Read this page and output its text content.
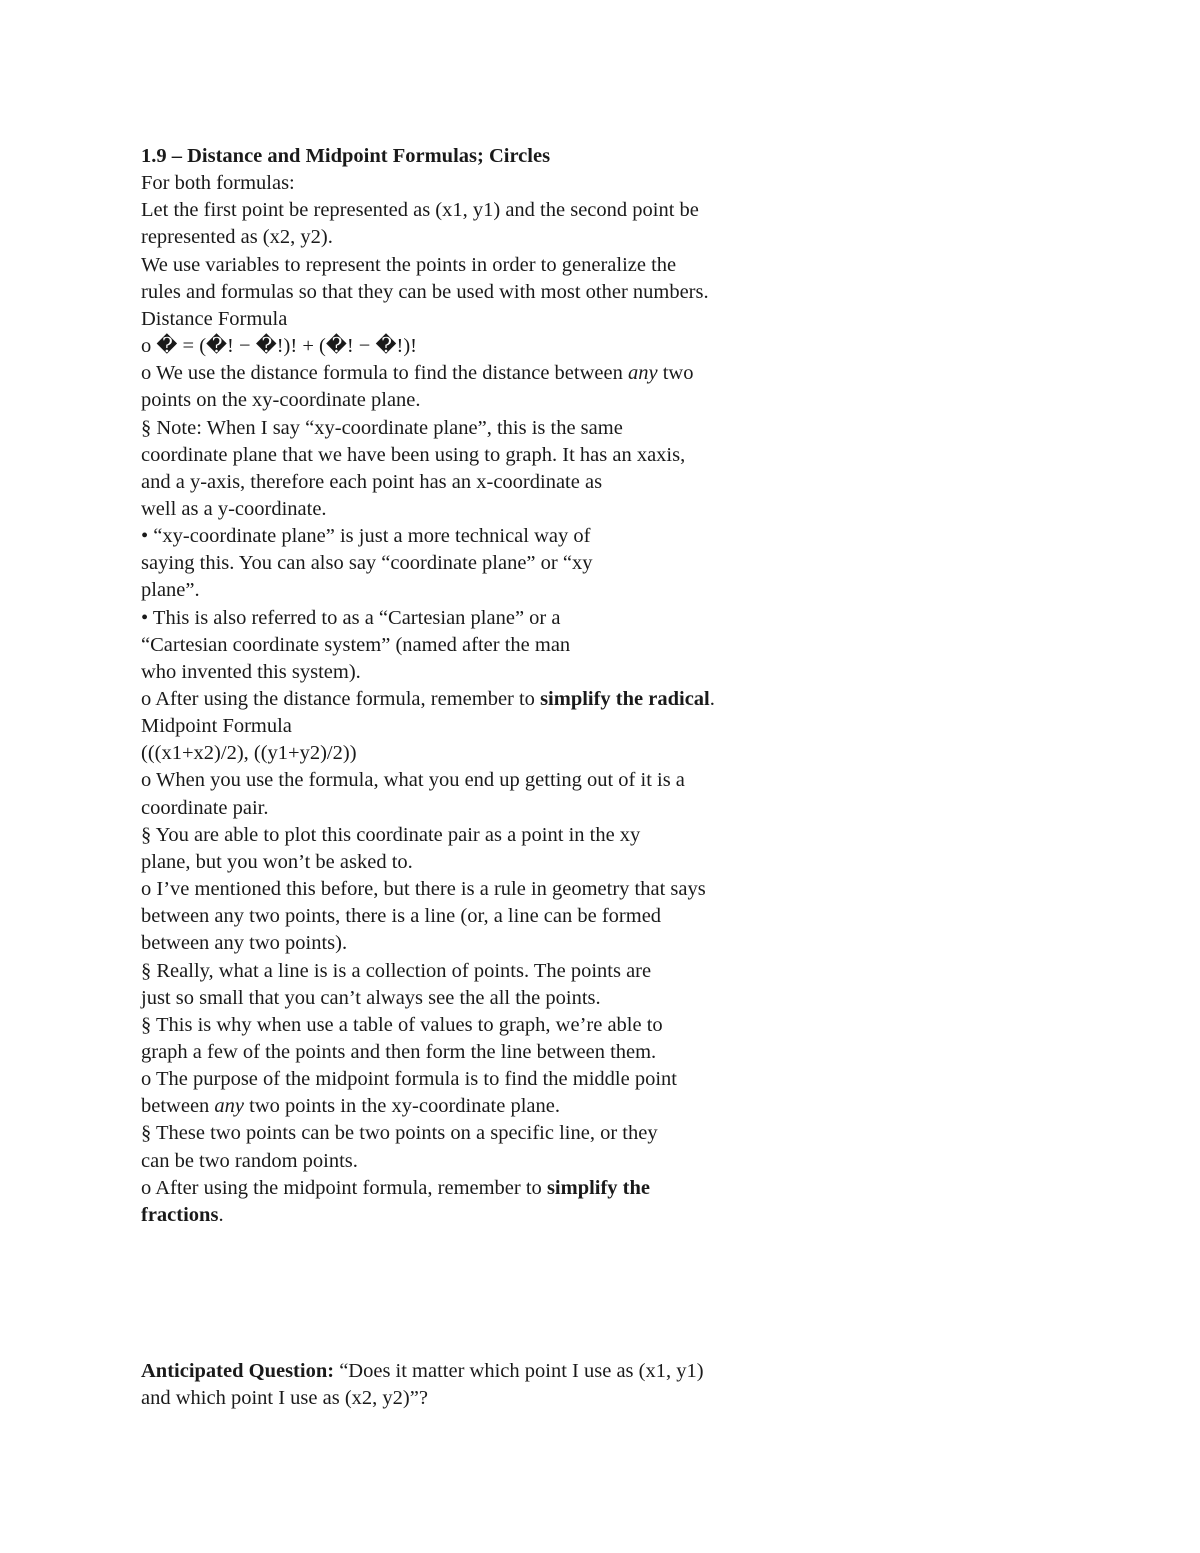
1.9 – Distance and Midpoint Formulas; Circles
For both formulas:
Let the first point be represented as (x1, y1) and the second point be
represented as (x2, y2).
We use variables to represent the points in order to generalize the
rules and formulas so that they can be used with most other numbers.
Distance Formula
o � = (�! − �!)! + (�! − �!)!
o We use the distance formula to find the distance between any two
points on the xy-coordinate plane.
§ Note: When I say “xy-coordinate plane”, this is the same
coordinate plane that we have been using to graph. It has an xaxis,
and a y-axis, therefore each point has an x-coordinate as
well as a y-coordinate.
• “xy-coordinate plane” is just a more technical way of
saying this. You can also say “coordinate plane” or “xy
plane”.
• This is also referred to as a “Cartesian plane” or a
“Cartesian coordinate system” (named after the man
who invented this system).
o After using the distance formula, remember to simplify the radical.
Midpoint Formula
(((x1+x2)/2), ((y1+y2)/2))
o When you use the formula, what you end up getting out of it is a
coordinate pair.
§ You are able to plot this coordinate pair as a point in the xy
plane, but you won’t be asked to.
o I’ve mentioned this before, but there is a rule in geometry that says
between any two points, there is a line (or, a line can be formed
between any two points).
§ Really, what a line is is a collection of points. The points are
just so small that you can’t always see the all the points.
§ This is why when use a table of values to graph, we’re able to
graph a few of the points and then form the line between them.
o The purpose of the midpoint formula is to find the middle point
between any two points in the xy-coordinate plane.
§ These two points can be two points on a specific line, or they
can be two random points.
o After using the midpoint formula, remember to simplify the
fractions.
Anticipated Question: “Does it matter which point I use as (x1, y1)
and which point I use as (x2, y2)”?
